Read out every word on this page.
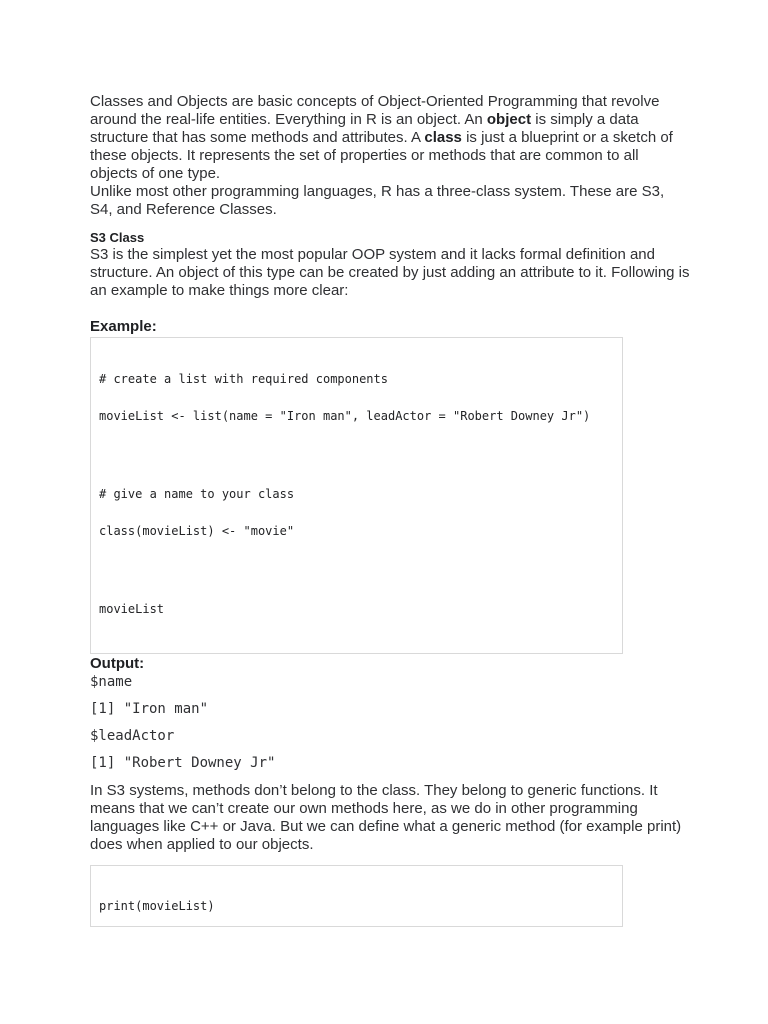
Classes and Objects are basic concepts of Object-Oriented Programming that revolve around the real-life entities. Everything in R is an object. An object is simply a data structure that has some methods and attributes. A class is just a blueprint or a sketch of these objects. It represents the set of properties or methods that are common to all objects of one type.

Unlike most other programming languages, R has a three-class system. These are S3, S4, and Reference Classes.

S3 Class

S3 is the simplest yet the most popular OOP system and it lacks formal definition and structure. An object of this type can be created by just adding an attribute to it. Following is an example to make things more clear:

Example:

# create a list with required components
movieList <- list(name = "Iron man", leadActor = "Robert Downey Jr")
# give a name to your class
class(movieList) <- "movie"
movieList

Output:

$name

[1] "Iron man"

$leadActor

[1] "Robert Downey Jr"

In S3 systems, methods don’t belong to the class. They belong to generic functions. It means that we can’t create our own methods here, as we do in other programming languages like C++ or Java. But we can define what a generic method (for example print) does when applied to our objects.

print(movieList)
